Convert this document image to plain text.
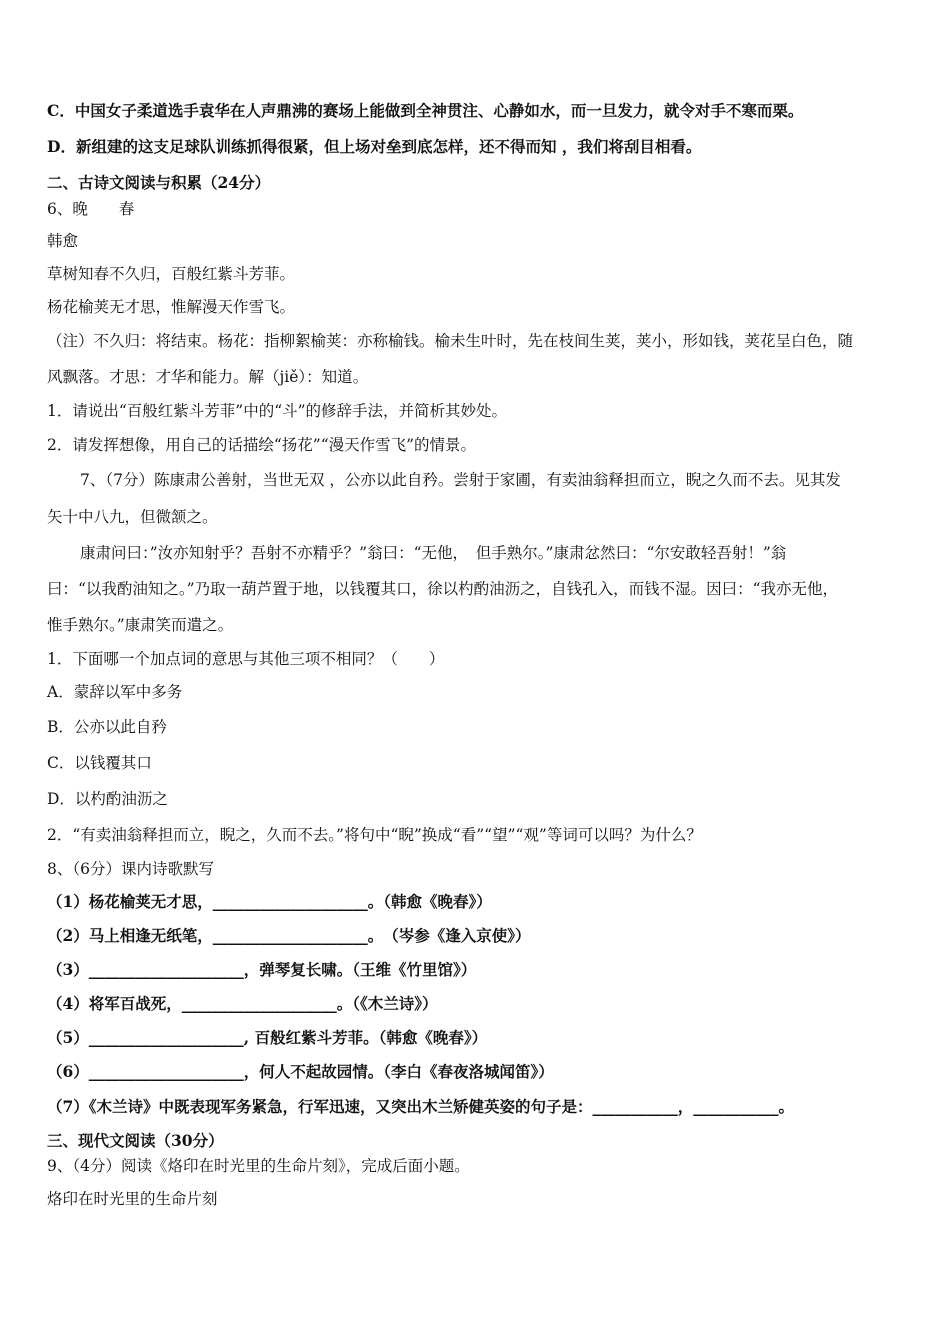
C．中国女子柔道选手袁华在人声鼎沸的赛场上能做到全神贯注、心静如水，而一旦发力，就令对手不寒而栗。
D．新组建的这支足球队训练抓得很紧，但上场对垒到底怎样，还不得而知 ，我们将刮目相看。
二、古诗文阅读与积累（24分）
6、晚　　春
韩愈
草树知春不久归，百般红紫斗芳菲。
杨花榆荚无才思，惟解漫天作雪飞。
（注）不久归：将结束。杨花：指柳絮榆荚：亦称榆钱。榆未生叶时，先在枝间生荚，荚小，形如钱，荚花呈白色，随
风飘落。才思：才华和能力。解（jiě）：知道。
1．请说出“百般红紫斗芳菲”中的“斗”的修辞手法，并简析其妙处。
2．请发挥想像，用自己的话描绘“扬花”“漫天作雪飞”的情景。
7、（7分）陈康肃公善射，当世无双 ，公亦以此自矜。尝射于家圃，有卖油翁释担而立，睨之久而不去。见其发
矢十中八九，但微颔之。
康肃问曰：”汝亦知射乎？吾射不亦精乎？”翁曰：“无他，　但手熟尔。”康肃忿然曰：“尔安敢轻吾射！”翁
曰：“以我酌油知之。”乃取一葫芦置于地，以钱覆其口，徐以杓酌油沥之，自钱孔入，而钱不湿。因曰：“我亦无他，
惟手熟尔。”康肃笑而遣之。
1．下面哪一个加点词的意思与其他三项不相同？（　　）
A．蒙辞以军中多务
B．公亦以此自矜
C．以钱覆其口
D．以杓酌油沥之
2．“有卖油翁释担而立，睨之，久而不去。”将句中“睨”换成“看”“望”“观”等词可以吗？为什么？
8、（6分）课内诗歌默写
（1）杨花榆荚无才思，____________________。（韩愈《晚春》）
（2）马上相逢无纸笔，____________________。　（岑参《逢入京使》）
（3）____________________，弹琴复长啸。（王维《竹里馆》）
（4）将军百战死，____________________。（《木兰诗》）
（5）____________________, 百般红紫斗芳菲。（韩愈《晚春》）
（6）____________________，何人不起故园情。（李白《春夜洛城闻笛》）
（7）《木兰诗》中既表现军务紧急，行军迅速，又突出木兰矫健英姿的句子是：___________，___________。
三、现代文阅读（30分）
9、（4分）阅读《烙印在时光里的生命片刻》，完成后面小题。
烙印在时光里的生命片刻
